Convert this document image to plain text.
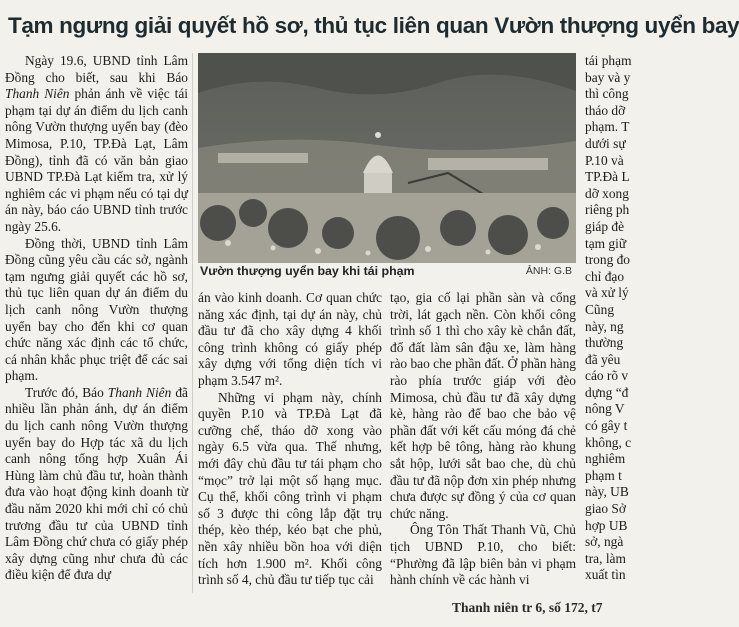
Tạm ngưng giải quyết hồ sơ, thủ tục liên quan Vườn thượng uyển bay

Ngày 19.6, UBND tỉnh Lâm Đồng cho biết, sau khi Báo Thanh Niên phản ánh về việc tái phạm tại dự án điểm du lịch canh nông Vườn thượng uyển bay (đèo Mimosa, P.10, TP.Đà Lạt, Lâm Đồng), tỉnh đã có văn bản giao UBND TP.Đà Lạt kiểm tra, xử lý nghiêm các vi phạm nếu có tại dự án này, báo cáo UBND tỉnh trước ngày 25.6.

Đồng thời, UBND tỉnh Lâm Đồng cũng yêu cầu các sở, ngành tạm ngưng giải quyết các hồ sơ, thủ tục liên quan dự án điểm du lịch canh nông Vườn thượng uyển bay cho đến khi cơ quan chức năng xác định các tổ chức, cá nhân khắc phục triệt để các sai phạm.

Trước đó, Báo Thanh Niên đã nhiều lần phản ánh, dự án điểm du lịch canh nông Vườn thượng uyển bay do Hợp tác xã du lịch canh nông tổng hợp Xuân Ái Hùng làm chủ đầu tư, hoàn thành đưa vào hoạt động kinh doanh từ đầu năm 2020 khi mới chỉ có chủ trương đầu tư của UBND tỉnh Lâm Đồng chứ chưa có giấy phép xây dựng cũng như chưa đủ các điều kiện để đưa dự

Vườn thượng uyển bay khi tái phạm	ẢNH: G.B

án vào kinh doanh. Cơ quan chức năng xác định, tại dự án này, chủ đầu tư đã cho xây dựng 4 khối công trình không có giấy phép xây dựng với tổng diện tích vi phạm 3.547 m².

Những vi phạm này, chính quyền P.10 và TP.Đà Lạt đã cưỡng chế, tháo dỡ xong vào ngày 6.5 vừa qua. Thế nhưng, mới đây chủ đầu tư tái phạm cho “mọc” trở lại một số hạng mục. Cụ thể, khối công trình vi phạm số 3 được thi công lắp đặt trụ thép, kèo thép, kéo bạt che phủ, nền xây nhiều bồn hoa với diện tích hơn 1.900 m². Khối công trình số 4, chủ đầu tư tiếp tục cải

tạo, gia cố lại phần sàn và cổng trời, lát gạch nền. Còn khối công trình số 1 thì cho xây kè chắn đất, đổ đất làm sân đậu xe, làm hàng rào bao che phần đất. Ở phần hàng rào phía trước giáp với đèo Mimosa, chủ đầu tư đã xây dựng kè, hàng rào để bao che bảo vệ phần đất với kết cấu móng đá chẻ kết hợp bê tông, hàng rào khung sắt hộp, lưới sắt bao che, dù chủ đầu tư đã nộp đơn xin phép nhưng chưa được sự đồng ý của cơ quan chức năng.

Ông Tôn Thất Thanh Vũ, Chủ tịch UBND P.10, cho biết: “Phường đã lập biên bản vi phạm hành chính về các hành vi

tái phạm
bay và y
thì công
tháo dỡ
phạm. T
dưới sự
P.10 và
TP.Đà L
dỡ xong
riêng ph
giáp đè
tạm giữ
trong đo
chỉ đạo
và xử lý
Cũng
này, ng
thường
đã yêu
cáo rõ v
dựng “đ
nông V
có gây t
không, c
nghiêm
phạm t
này, UB
giao Sở
hợp UB
sở, ngà
tra, làm
xuất tìn
Thanh niên tr 6, số 172, t7
